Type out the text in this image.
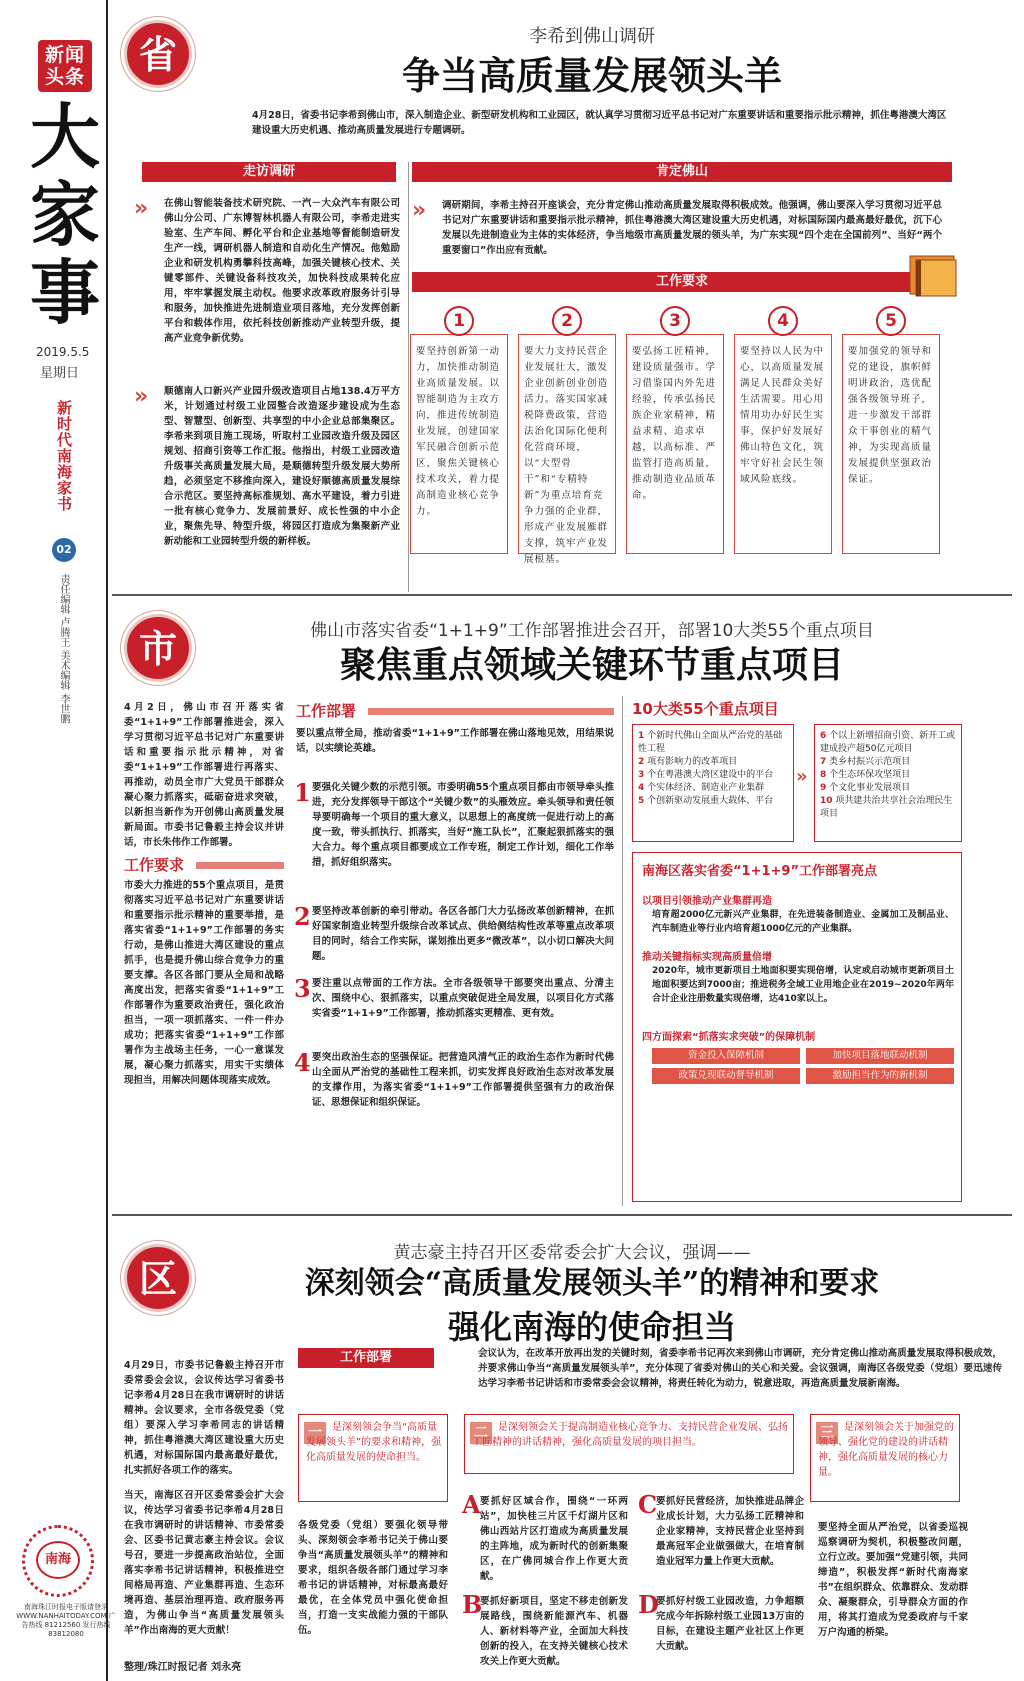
新闻头条
大家事
2019.5.5
星期日
新时代南海家书
02
责任编辑 卢腾王 美术编辑 李世鹏
南海
南海珠江时报电子版请登录 WWW.NANHAITODAY.COM 广告热线 81212560 发行热线 83812080
省	李希到佛山调研
争当高质量发展领头羊
4月28日，省委书记李希到佛山市，深入制造企业、新型研发机构和工业园区，就认真学习贯彻习近平总书记对广东重要讲话和重要指示批示精神，抓住粤港澳大湾区建设重大历史机遇、推动高质量发展进行专题调研。
走访调研
» 在佛山智能装备技术研究院、一汽－大众汽车有限公司佛山分公司、广东博智林机器人有限公司，李希走进实验室、生产车间、孵化平台和企业基地等督能制造研发生产一线，调研机器人制造和自动化生产情况。他勉励企业和研发机构勇攀科技高峰，加强关键核心技术、关键零部件、关键设备科技攻关，加快科技成果转化应用，牢牢掌握发展主动权。他要求改革政府服务计引导和服务，加快推进先进制造业项目落地，充分发挥创新平台和载体作用，依托科技创新推动产业转型升级，提高产业竞争新优势。
» 顺德南人口新兴产业园升级改造项目占地138.4万平方米，计划通过村级工业园整合改造逐步建设成为生态型、智慧型、创新型、共享型的中小企业总部集聚区。李希来到项目施工现场，听取村工业园改造升级及园区规划、招商引资等工作汇报。他指出，村级工业园改造升级事关高质量发展大局，是顺德转型升级发展大势所趋，必须坚定不移推向深入，建设好顺德高质量发展综合示范区。要坚持高标准规划、高水平建设，着力引进一批有核心竞争力、发展前景好、成长性强的中小企业，聚焦先导、特型升级，将园区打造成为集聚新产业新动能和工业园转型升级的新样板。
肯定佛山
» 调研期间，李希主持召开座谈会，充分肯定佛山推动高质量发展取得积极成效。他强调，佛山要深入学习贯彻习近平总书记对广东重要讲话和重要指示批示精神，抓住粤港澳大湾区建设重大历史机遇，对标国际国内最高最好最优，沉下心发展以先进制造业为主体的实体经济，争当地级市高质量发展的领头羊，为广东实现“四个走在全国前列”、当好“两个重要窗口”作出应有贡献。
工作要求
1
要坚持创新第一动力，加快推动制造业高质量发展。以智能制造为主攻方向，推进传统制造业发展，创建国家军民融合创新示范区，聚焦关键核心技术攻关，着力提高制造业核心竞争力。
2
要大力支持民营企业发展壮大，激发企业创新创业创造活力。落实国家减税降费政策，营造法治化国际化便利化营商环境，以“大型骨干”和“专精特新”为重点培育竞争力强的企业群，形成产业发展雁群支撑，筑牢产业发展根基。
3
要弘扬工匠精神，建设质量强市。学习借鉴国内外先进经验，传承弘扬民族企业家精神，精益求精、追求卓越，以高标准、严监管打造高质量，推动制造业品质革命。
4
要坚持以人民为中心，以高质量发展满足人民群众美好生活需要。用心用情用功办好民生实事，保护好发展好佛山特色文化，筑牢守好社会民生领域风险底线。
5
要加强党的领导和党的建设，旗帜鲜明讲政治，选优配强各级领导班子，进一步激发干部群众干事创业的精气神，为实现高质量发展提供坚强政治保证。
市	佛山市落实省委“1+1+9”工作部署推进会召开，部署10大类55个重点项目
聚焦重点领域关键环节重点项目
4月2日，佛山市召开落实省委“1+1+9”工作部署推进会，深入学习贯彻习近平总书记对广东重要讲话和重要指示批示精神，对省委“1+1+9”工作部署进行再落实、再推动，动员全市广大党员干部群众凝心聚力抓落实，砥砺奋进求突破，以新担当新作为开创佛山高质量发展新局面。市委书记鲁毅主持会议并讲话，市长朱伟作工作部署。
工作要求
市委大力推进的55个重点项目，是贯彻落实习近平总书记对广东重要讲话和重要指示批示精神的重要举措，是落实省委“1+1+9”工作部署的务实行动，是佛山推进大湾区建设的重点抓手，也是提升佛山综合竞争力的重要支撑。各区各部门要从全局和战略高度出发，把落实省委“1+1+9”工作部署作为重要政治责任，强化政治担当，一项一项抓落实、一件一件办成功；把落实省委“1+1+9”工作部署作为主战场主任务，一心一意谋发展，凝心聚力抓落实，用实干实绩体现担当，用解决问题体现落实成效。
工作部署
要以重点带全局，推动省委“1+1+9”工作部署在佛山落地见效，用结果说话，以实绩论英雄。
1 要强化关键少数的示范引领。市委明确55个重点项目都由市领导牵头推进，充分发挥领导干部这个“关键少数”的头雁效应。牵头领导和责任领导要明确每一个项目的重大意义，以思想上的高度统一促进行动上的高度一致，带头抓执行、抓落实，当好“施工队长”，汇聚起狠抓落实的强大合力。每个重点项目都要成立工作专班，制定工作计划，细化工作举措，抓好组织落实。
2 要坚持改革创新的牵引带动。各区各部门大力弘扬改革创新精神，在抓好国家制造业转型升级综合改革试点、供给侧结构性改革等重点改革项目的同时，结合工作实际，谋划推出更多“微改革”，以小切口解决大问题。
3 要注重以点带面的工作方法。全市各级领导干部要突出重点、分清主次、围绕中心、狠抓落实，以重点突破促进全局发展，以项目化方式落实省委“1+1+9”工作部署，推动抓落实更精准、更有效。
4 要突出政治生态的坚强保证。把营造风清气正的政治生态作为新时代佛山全面从严治党的基础性工程来抓，切实发挥良好政治生态对改革发展的支撑作用，为落实省委“1+1+9”工作部署提供坚强有力的政治保证、思想保证和组织保证。
10大类55个重点项目
1 个新时代佛山全面从严治党的基础性工程
2 项有影响力的改革项目
3 个在粤港澳大湾区建设中的平台
4 个实体经济、制造业产业集群
5 个创新驱动发展重大载体、平台
»
6 个以上新增招商引资、新开工或建成投产超50亿元项目
7 类乡村振兴示范项目
8 个生态环保攻坚项目
9 个文化事业发展项目
10 项共建共治共享社会治理民生项目
南海区落实省委“1+1+9”工作部署亮点
以项目引领推动产业集群再造
培育超2000亿元新兴产业集群，在先进装备制造业、金属加工及制品业、汽车制造业等行业内培育超1000亿元的产业集群。
推动关键指标实现高质量倍增
2020年，城市更新项目土地面积要实现倍增，认定或启动城市更新项目土地面积要达到7000亩；推进税务全域工业用地企业在2019~2020年两年合计企业注册数量实现倍增，达410家以上。
四方面探索“抓落实求突破”的保障机制
资金投入保障机制	加快项目落地联动机制
政策兑现联动督导机制	激励担当作为的新机制
区
黄志豪主持召开区委常委会扩大会议，强调——
深刻领会“高质量发展领头羊”的精神和要求
强化南海的使命担当
4月29日，市委书记鲁毅主持召开市委常委会会议，会议传达学习省委书记李希4月28日在我市调研时的讲话精神。会议要求，全市各级党委（党组）要深入学习李希同志的讲话精神，抓住粤港澳大湾区建设重大历史机遇，对标国际国内最高最好最优，扎实抓好各项工作的落实。
当天，南海区召开区委常委会扩大会议，传达学习省委书记李希4月28日在我市调研时的讲话精神、市委常委会、区委书记黄志豪主持会议。会议号召，要进一步提高政治站位，全面落实李希书记讲话精神，积极推进空间格局再造、产业集群再造、生态环境再造、基层治理再造、政府服务再造，为佛山争当“高质量发展领头羊”作出南海的更大贡献！
整理/珠江时报记者 刘永亮
工作部署	会议认为，在改革开放再出发的关键时刻，省委李希书记再次来到佛山市调研，充分肯定佛山推动高质量发展取得积极成效，并要求佛山争当“高质量发展领头羊”，充分体现了省委对佛山的关心和关爱。会议强调，南海区各级党委（党组）要迅速传达学习李希书记讲话和市委常委会会议精神，将责任转化为动力，锐意进取，再造高质量发展新南海。
一	是深刻领会争当“高质量发展领头羊”的要求和精神，强化高质量发展的使命担当。
二	是深刻领会关于提高制造业核心竞争力、支持民营企业发展、弘扬工匠精神的讲话精神，强化高质量发展的项目担当。
三	是深刻领会关于加强党的领导、强化党的建设的讲话精神，强化高质量发展的核心力量。
各级党委（党组）要强化领导带头、深刻领会李希书记关于佛山要争当“高质量发展领头羊”的精神和要求，组织各级各部门通过学习李希书记的讲话精神，对标最高最好最优，在全体党员中强化使命担当，打造一支实战能力强的干部队伍。
A 要抓好区域合作，围绕“一环两站”，加快桂三片区千灯湖片区和佛山西站片区打造成为高质量发展的主阵地，成为新时代的创新集聚区，在广佛同城合作上作更大贡献。
B
要抓好新项目，坚定不移走创新发展路线，围绕新能源汽车、机器人、新材料等产业，全面加大科技创新的投入，在支持关键核心技术攻关上作更大贡献。
C
要抓好民营经济，加快推进品牌企业成长计划，大力弘扬工匠精神和企业家精神，支持民营企业坚持到最高冠军企业做强做大，在培育制造业冠军力量上作更大贡献。
D
要抓好村级工业园改造，力争超额完成今年拆除村级工业园13万亩的目标，在建设主题产业社区上作更大贡献。
要坚持全面从严治党，以省委巡视巡察调研为契机，积极整改问题，立行立改。要加强“党建引领，共同缔造”，积极发挥“新时代南海家书”在组织群众、依靠群众、发动群众、凝聚群众，引导群众方面的作用，将其打造成为党委政府与千家万户沟通的桥梁。
